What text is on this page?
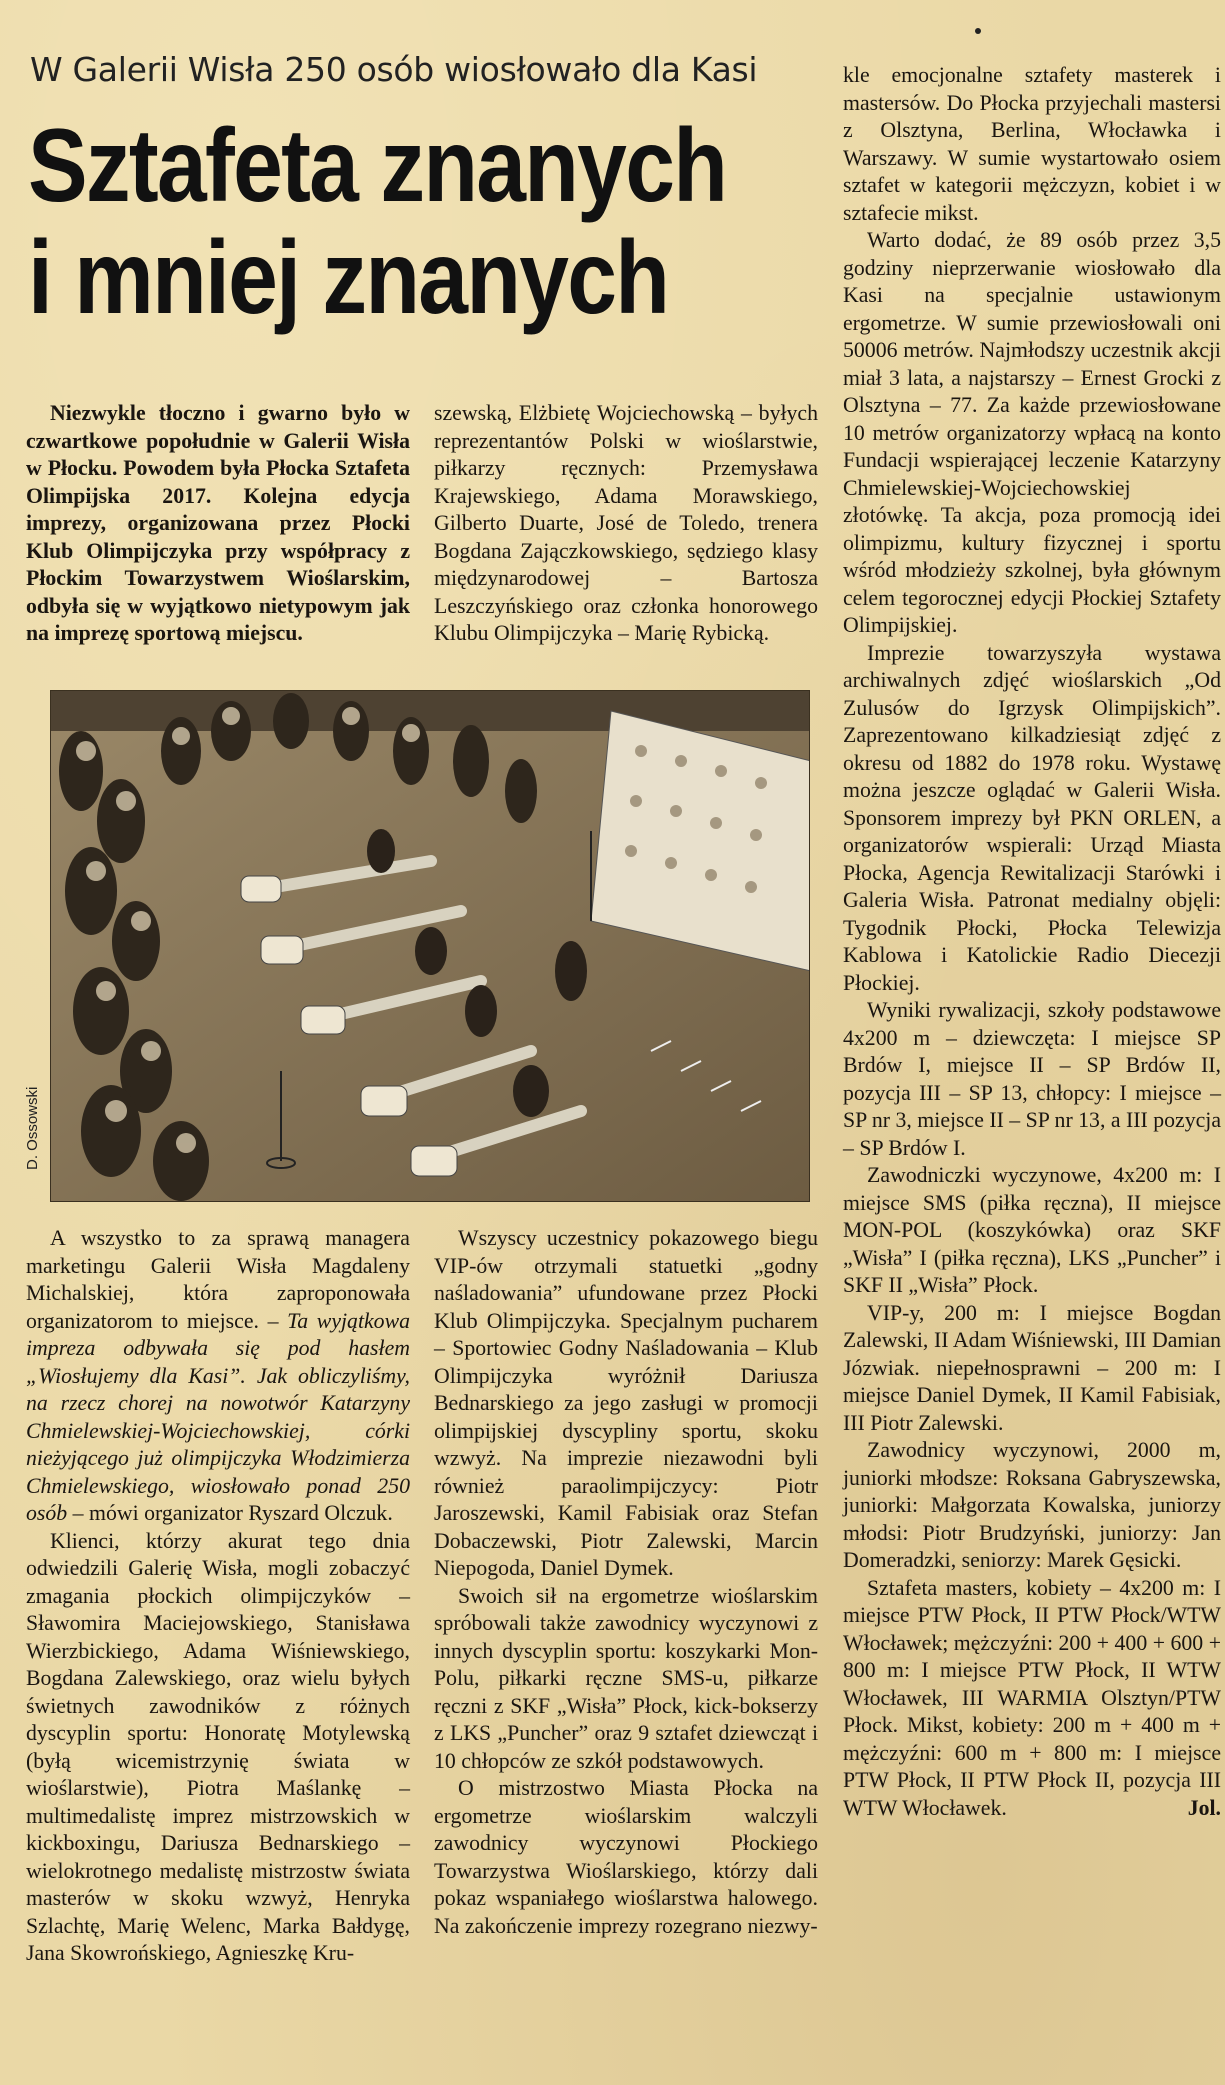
W Galerii Wisła 250 osób wiosłowało dla Kasi
Sztafeta znanych
i mniej znanych

Niezwykle tłoczno i gwarno było w czwartkowe popołudnie w Galerii Wisła w Płocku. Powodem była Płocka Sztafeta Olimpijska 2017. Kolejna edycja imprezy, organizowana przez Płocki Klub Olimpijczyka przy współpracy z Płockim Towarzystwem Wioślarskim, odbyła się w wyjątkowo nietypowym jak na imprezę sportową miejscu.

szewską, Elżbietę Wojciechowską – byłych reprezentantów Polski w wioślarstwie, piłkarzy ręcznych: Przemysława Krajewskiego, Adama Morawskiego, Gilberto Duarte, José de Toledo, trenera Bogdana Zajączkowskiego, sędziego klasy międzynarodowej – Bartosza Leszczyńskiego oraz członka honorowego Klubu Olimpijczyka – Marię Rybicką.

D. Ossowski

A wszystko to za sprawą managera marketingu Galerii Wisła Magdaleny Michalskiej, która zaproponowała organizatorom to miejsce. – Ta wyjątkowa impreza odbywała się pod hasłem „Wiosłujemy dla Kasi”. Jak obliczyliśmy, na rzecz chorej na nowotwór Katarzyny Chmielewskiej-Wojciechowskiej, córki nieżyjącego już olimpijczyka Włodzimierza Chmielewskiego, wiosłowało ponad 250 osób – mówi organizator Ryszard Olczuk.

Klienci, którzy akurat tego dnia odwiedzili Galerię Wisła, mogli zobaczyć zmagania płockich olimpijczyków – Sławomira Maciejowskiego, Stanisława Wierzbickiego, Adama Wiśniewskiego, Bogdana Zalewskiego, oraz wielu byłych świetnych zawodników z różnych dyscyplin sportu: Honoratę Motylewską (byłą wicemistrzynię świata w wioślarstwie), Piotra Maślankę – multimedalistę imprez mistrzowskich w kickboxingu, Dariusza Bednarskiego – wielokrotnego medalistę mistrzostw świata masterów w skoku wzwyż, Henryka Szlachtę, Marię Welenc, Marka Bałdygę, Jana Skowrońskiego, Agnieszkę Kru-

Wszyscy uczestnicy pokazowego biegu VIP-ów otrzymali statuetki „godny naśladowania” ufundowane przez Płocki Klub Olimpijczyka. Specjalnym pucharem – Sportowiec Godny Naśladowania – Klub Olimpijczyka wyróżnił Dariusza Bednarskiego za jego zasługi w promocji olimpijskiej dyscypliny sportu, skoku wzwyż. Na imprezie niezawodni byli również paraolimpijczycy: Piotr Jaroszewski, Kamil Fabisiak oraz Stefan Dobaczewski, Piotr Zalewski, Marcin Niepogoda, Daniel Dymek.

Swoich sił na ergometrze wioślarskim spróbowali także zawodnicy wyczynowi z innych dyscyplin sportu: koszykarki Mon-Polu, piłkarki ręczne SMS-u, piłkarze ręczni z SKF „Wisła” Płock, kick-bokserzy z LKS „Puncher” oraz 9 sztafet dziewcząt i 10 chłopców ze szkół podstawowych.

O mistrzostwo Miasta Płocka na ergometrze wioślarskim walczyli zawodnicy wyczynowi Płockiego Towarzystwa Wioślarskiego, którzy dali pokaz wspaniałego wioślarstwa halowego. Na zakończenie imprezy rozegrano niezwy-

kle emocjonalne sztafety masterek i mastersów. Do Płocka przyjechali mastersi z Olsztyna, Berlina, Włocławka i Warszawy. W sumie wystartowało osiem sztafet w kategorii mężczyzn, kobiet i w sztafecie mikst.

Warto dodać, że 89 osób przez 3,5 godziny nieprzerwanie wiosłowało dla Kasi na specjalnie ustawionym ergometrze. W sumie przewiosłowali oni 50006 metrów. Najmłodszy uczestnik akcji miał 3 lata, a najstarszy – Ernest Grocki z Olsztyna – 77. Za każde przewiosłowane 10 metrów organizatorzy wpłacą na konto Fundacji wspierającej leczenie Katarzyny Chmielewskiej-Wojciechowskiej złotówkę. Ta akcja, poza promocją idei olimpizmu, kultury fizycznej i sportu wśród młodzieży szkolnej, była głównym celem tegorocznej edycji Płockiej Sztafety Olimpijskiej.

Imprezie towarzyszyła wystawa archiwalnych zdjęć wioślarskich „Od Zulusów do Igrzysk Olimpijskich”. Zaprezentowano kilkadziesiąt zdjęć z okresu od 1882 do 1978 roku. Wystawę można jeszcze oglądać w Galerii Wisła. Sponsorem imprezy był PKN ORLEN, a organizatorów wspierali: Urząd Miasta Płocka, Agencja Rewitalizacji Starówki i Galeria Wisła. Patronat medialny objęli: Tygodnik Płocki, Płocka Telewizja Kablowa i Katolickie Radio Diecezji Płockiej.

Wyniki rywalizacji, szkoły podstawowe 4x200 m – dziewczęta: I miejsce SP Brdów I, miejsce II – SP Brdów II, pozycja III – SP 13, chłopcy: I miejsce – SP nr 3, miejsce II – SP nr 13, a III pozycja – SP Brdów I.

Zawodniczki wyczynowe, 4x200 m: I miejsce SMS (piłka ręczna), II miejsce MON-POL (koszykówka) oraz SKF „Wisła” I (piłka ręczna), LKS „Puncher” i SKF II „Wisła” Płock.

VIP-y, 200 m: I miejsce Bogdan Zalewski, II Adam Wiśniewski, III Damian Józwiak. niepełnosprawni – 200 m: I miejsce Daniel Dymek, II Kamil Fabisiak, III Piotr Zalewski.

Zawodnicy wyczynowi, 2000 m, juniorki młodsze: Roksana Gabryszewska, juniorki: Małgorzata Kowalska, juniorzy młodsi: Piotr Brudzyński, juniorzy: Jan Domeradzki, seniorzy: Marek Gęsicki.

Sztafeta masters, kobiety – 4x200 m: I miejsce PTW Płock, II PTW Płock/WTW Włocławek; mężczyźni: 200 + 400 + 600 + 800 m: I miejsce PTW Płock, II WTW Włocławek, III WARMIA Olsztyn/PTW Płock. Mikst, kobiety: 200 m + 400 m + mężczyźni: 600 m + 800 m: I miejsce PTW Płock, II PTW Płock II, pozycja III WTW Włocławek.	Jol.
